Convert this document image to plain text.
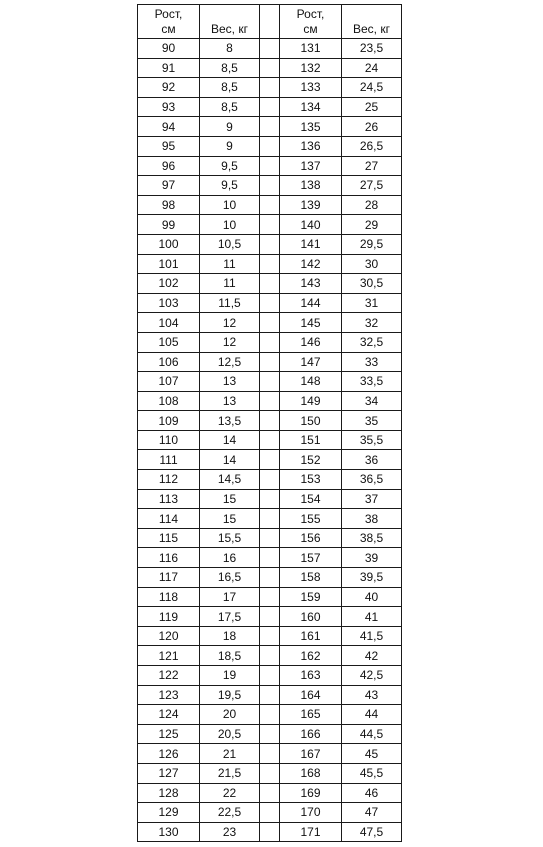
Рост,
см	Вес, кг		Рост,
см	Вес, кг

90	8		131	23,5
91	8,5		132	24
92	8,5		133	24,5
93	8,5		134	25
94	9		135	26
95	9		136	26,5
96	9,5		137	27
97	9,5		138	27,5
98	10		139	28
99	10		140	29
100	10,5		141	29,5
101	11		142	30
102	11		143	30,5
103	11,5		144	31
104	12		145	32
105	12		146	32,5
106	12,5		147	33
107	13		148	33,5
108	13		149	34
109	13,5		150	35
110	14		151	35,5
111	14		152	36
112	14,5		153	36,5
113	15		154	37
114	15		155	38
115	15,5		156	38,5
116	16		157	39
117	16,5		158	39,5
118	17		159	40
119	17,5		160	41
120	18		161	41,5
121	18,5		162	42
122	19		163	42,5
123	19,5		164	43
124	20		165	44
125	20,5		166	44,5
126	21		167	45
127	21,5		168	45,5
128	22		169	46
129	22,5		170	47
130	23		171	47,5
